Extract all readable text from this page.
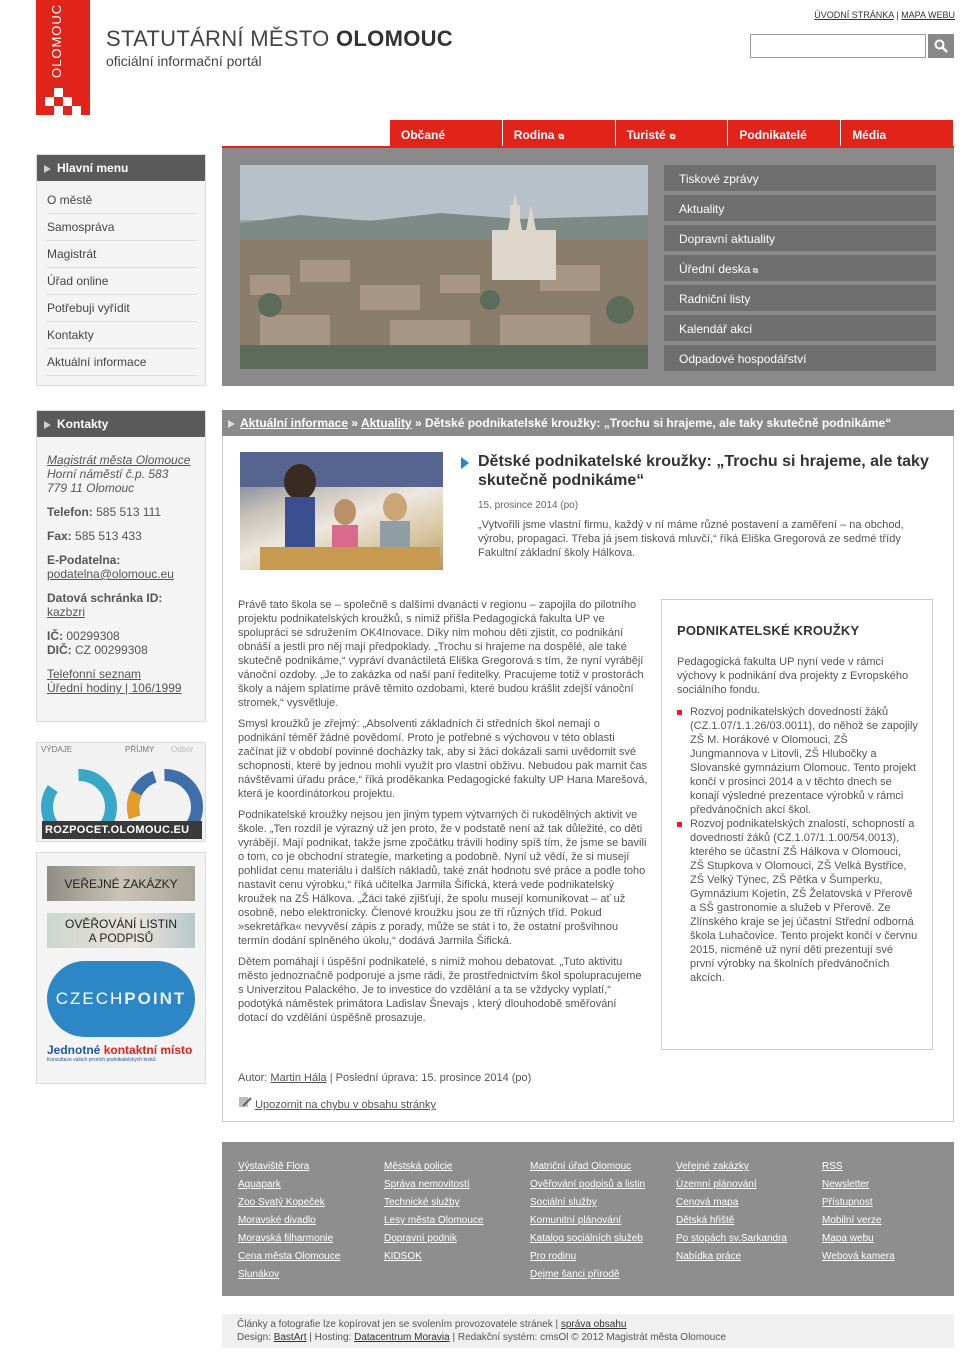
OLOMOUC STATUTÁRNÍ MĚSTO OLOMOUC
oficiální informační portál
ÚVODNÍ STRÁNKA | MAPA WEBU
Občané	Rodina ⧉	Turisté ⧉	Podnikatelé	Média
Hlavní menu
O městě
Samospráva
Magistrát
Úřad online
Potřebuji vyřídit
Kontakty
Aktuální informace
Tiskové zprávy
Aktuality
Dopravní aktuality
Úřední deska ⧉
Radniční listy
Kalendář akcí
Odpadové hospodářství
Kontakty
Magistrát města Olomouce
Horní náměstí č.p. 583
779 11 Olomouc
Telefon: 585 513 111
Fax: 585 513 433
E-Podatelna:
podatelna@olomouc.eu
Datová schránka ID:
kazbzri
IČ: 00299308
DIČ: CZ 00299308
Telefonní seznam
Úřední hodiny | 106/1999
VÝDAJE	PŘÍJMY Odbor
ROZPOCET.OLOMOUC.EU
VEŘEJNÉ ZAKÁZKY
OVĚŘOVÁNÍ LISTIN
A PODPISŮ
CZECHPOINT
Jednotné kontaktní místo
Konzultace vašich prvních podnikatelských kroků
Aktuální informace » Aktuality » Dětské podnikatelské kroužky: „Trochu si hrajeme, ale taky skutečně podnikáme“
Dětské podnikatelské kroužky: „Trochu si hrajeme, ale taky skutečně podnikáme“
15. prosince 2014 (po)
„Vytvořili jsme vlastní firmu, každý v ní máme různé postavení a zaměření – na obchod, výrobu, propagaci. Třeba já jsem tisková mluvčí,“ říká Eliška Gregorová ze sedmé třídy Fakultní základní školy Hálkova.

Právě tato škola se – společně s dalšími dvanácti v regionu – zapojila do pilotního projektu podnikatelských kroužků, s nimiž přišla Pedagogická fakulta UP ve spolupráci se sdružením OK4Inovace. Díky nim mohou děti zjistit, co podnikání obnáší a jestli pro něj mají předpoklady. „Trochu si hrajeme na dospělé, ale také skutečně podnikáme,“ vypráví dvanáctiletá Eliška Gregorová s tím, že nyní vyrábějí vánoční ozdoby. „Je to zakázka od naší paní ředitelky. Pracujeme totiž v prostorách školy a nájem splatíme právě těmito ozdobami, které budou krášlit zdejší vánoční stromek,“ vysvětluje.

Smysl kroužků je zřejmý: „Absolventi základních či středních škol nemají o podnikání téměř žádné povědomí. Proto je potřebné s výchovou v této oblasti začínat již v období povinné docházky tak, aby si žáci dokázali sami uvědomit své schopnosti, které by jednou mohli využít pro vlastní obživu. Nebudou pak marnit čas návštěvami úřadu práce,“ říká proděkanka Pedagogické fakulty UP Hana Marešová, která je koordinátorkou projektu.

Podnikatelské kroužky nejsou jen jiným typem výtvarných či rukodělných aktivit ve škole. „Ten rozdíl je výrazný už jen proto, že v podstatě není až tak důležité, co děti vyrábějí. Mají podnikat, takže jsme zpočátku trávili hodiny spíš tím, že jsme se bavili o tom, co je obchodní strategie, marketing a podobně. Nyní už vědí, že si musejí pohlídat cenu materiálu i dalších nákladů, také znát hodnotu své práce a podle toho nastavit cenu výrobku,“ říká učitelka Jarmila Šifická, která vede podnikatelský kroužek na ZŠ Hálkova. „Žáci také zjišťují, že spolu musejí komunikovat – ať už osobně, nebo elektronicky. Členové kroužku jsou ze tří různých tříd. Pokud »sekretářka« nevyvěsí zápis z porady, může se stát i to, že ostatní prošvihnou termín dodání splněného úkolu,“ dodává Jarmila Šifická.

Dětem pomáhají i úspěšní podnikatelé, s nimiž mohou debatovat. „Tuto aktivitu město jednoznačně podporuje a jsme rádi, že prostřednictvím škol spolupracujeme s Univerzitou Palackého. Je to investice do vzdělání a ta se vždycky vyplatí,“ podotýká náměstek primátora Ladislav Šnevajs , který dlouhodobě směřování dotací do vzdělání úspěšně prosazuje.

PODNIKATELSKÉ KROUŽKY

Pedagogická fakulta UP nyní vede v rámci výchovy k podnikání dva projekty z Evropského sociálního fondu.

Rozvoj podnikatelských dovedností žáků (CZ.1.07/1.1.26/03.0011), do něhož se zapojily ZŠ M. Horákové v Olomouci, ZŠ Jungmannova v Litovli, ZŠ Hlubočky a Slovanské gymnázium Olomouc. Tento projekt končí v prosinci 2014 a v těchto dnech se konají výsledné prezentace výrobků v rámci předvánočních akcí škol.
Rozvoj podnikatelských znalostí, schopností a dovedností žáků (CZ.1.07/1.1.00/54.0013), kterého se účastní ZŠ Hálkova v Olomouci, ZŠ Stupkova v Olomouci, ZŠ Velká Bystřice, ZŠ Velký Týnec, ZŠ Pětka v Šumperku, Gymnázium Kojetín, ZŠ Želatovská v Přerově a SŠ gastronomie a služeb v Přerově. Ze Zlínského kraje se jej účastní Střední odborná škola Luhačovice. Tento projekt končí v červnu 2015, nicméně už nyní děti prezentují své první výrobky na školních předvánočních akcích.
Autor: Martin Hála | Poslední úprava: 15. prosince 2014 (po)
Upozornit na chybu v obsahu stránky
Výstaviště Flora
Aquapark
Zoo Svatý Kopeček
Moravské divadlo
Moravská filharmonie
Cena města Olomouce
Slunákov
Městská policie
Správa nemovitostí
Technické služby
Lesy města Olomouce
Dopravní podnik
KIDSOK
Matriční úřad Olomouc
Ověřování podpisů a listin
Sociální služby
Komunitní plánování
Katalog sociálních služeb
Pro rodinu
Dejme šanci přírodě
Veřejné zakázky
Územní plánování
Cenová mapa
Dětská hřiště
Po stopách sv.Sarkandra
Nabídka práce
RSS
Newsletter
Přístupnost
Mobilní verze
Mapa webu
Webová kamera
Články a fotografie lze kopírovat jen se svolením provozovatele stránek | správa obsahu
Design: BastArt | Hosting: Datacentrum Moravia | Redakční systém: cmsOl © 2012 Magistrát města Olomouce
